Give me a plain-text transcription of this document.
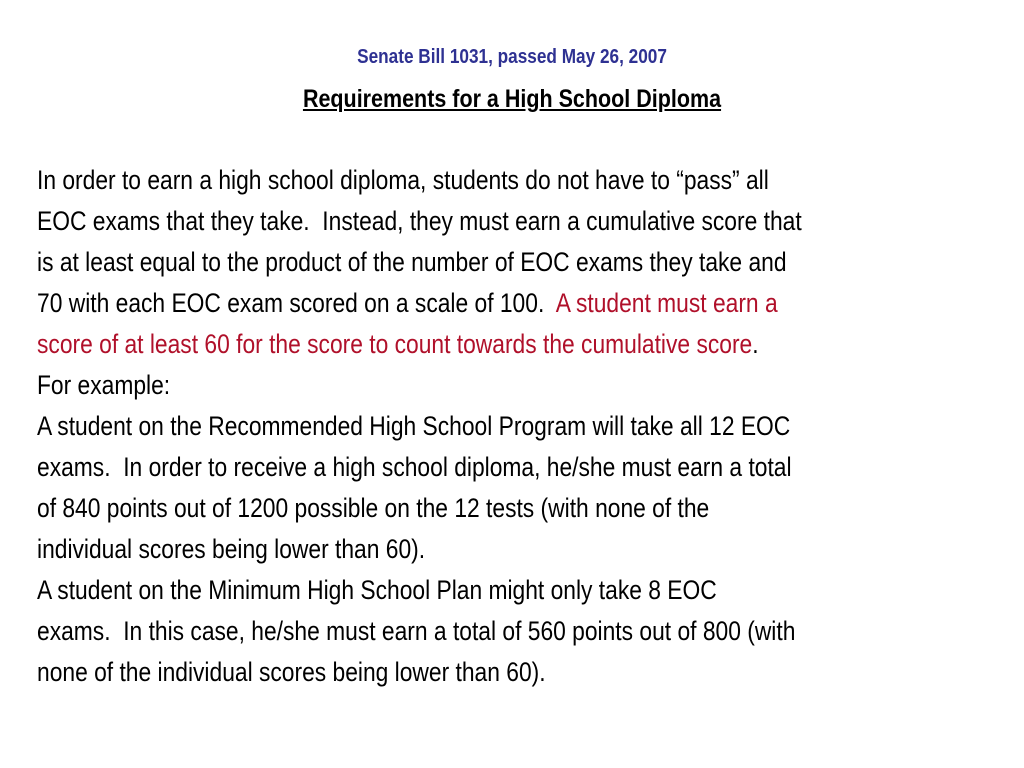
Senate Bill 1031, passed May 26, 2007
Requirements for a High School Diploma
In order to earn a high school diploma, students do not have to “pass” all
EOC exams that they take.  Instead, they must earn a cumulative score that
is at least equal to the product of the number of EOC exams they take and
70 with each EOC exam scored on a scale of 100.  A student must earn a
score of at least 60 for the score to count towards the cumulative score.
For example:
A student on the Recommended High School Program will take all 12 EOC
exams.  In order to receive a high school diploma, he/she must earn a total
of 840 points out of 1200 possible on the 12 tests (with none of the
individual scores being lower than 60).
A student on the Minimum High School Plan might only take 8 EOC
exams.  In this case, he/she must earn a total of 560 points out of 800 (with
none of the individual scores being lower than 60).
